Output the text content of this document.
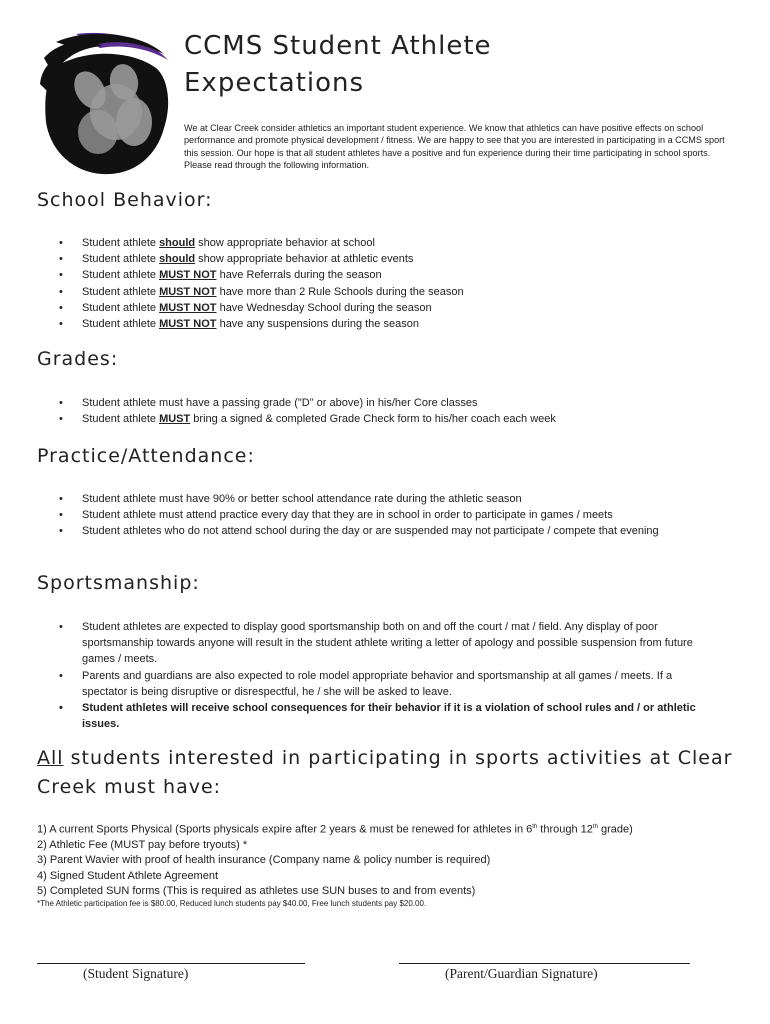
CCMS Student Athlete
Expectations

We at Clear Creek consider athletics an important student experience. We know that athletics can have positive effects on school performance and promote physical development / fitness. We are happy to see that you are interested in participating in a CCMS sport this session. Our hope is that all student athletes have a positive and fun experience during their time participating in school sports. Please read through the following information.

School Behavior:
• Student athlete should show appropriate behavior at school
• Student athlete should show appropriate behavior at athletic events
• Student athlete MUST NOT have Referrals during the season
• Student athlete MUST NOT have more than 2 Rule Schools during the season
• Student athlete MUST NOT have Wednesday School during the season
• Student athlete MUST NOT have any suspensions during the season
Grades:
• Student athlete must have a passing grade ("D" or above) in his/her Core classes
• Student athlete MUST bring a signed & completed Grade Check form to his/her coach each week
Practice/Attendance:
• Student athlete must have 90% or better school attendance rate during the athletic season
• Student athlete must attend practice every day that they are in school in order to participate in games / meets
• Student athletes who do not attend school during the day or are suspended may not participate / compete that evening
Sportsmanship:
• Student athletes are expected to display good sportsmanship both on and off the court / mat / field. Any display of poor sportsmanship towards anyone will result in the student athlete writing a letter of apology and possible suspension from future games / meets.
• Parents and guardians are also expected to role model appropriate behavior and sportsmanship at all games / meets. If a spectator is being disruptive or disrespectful, he / she will be asked to leave.
• Student athletes will receive school consequences for their behavior if it is a violation of school rules and / or athletic issues.
All students interested in participating in sports activities at Clear Creek must have:
1) A current Sports Physical (Sports physicals expire after 2 years & must be renewed for athletes in 6th through 12th grade)
2) Athletic Fee (MUST pay before tryouts) *
3) Parent Wavier with proof of health insurance (Company name & policy number is required)
4) Signed Student Athlete Agreement
5) Completed SUN forms (This is required as athletes use SUN buses to and from events)

*The Athletic participation fee is $80.00, Reduced lunch students pay $40.00, Free lunch students pay $20.00.

(Student Signature)	(Parent/Guardian Signature)
